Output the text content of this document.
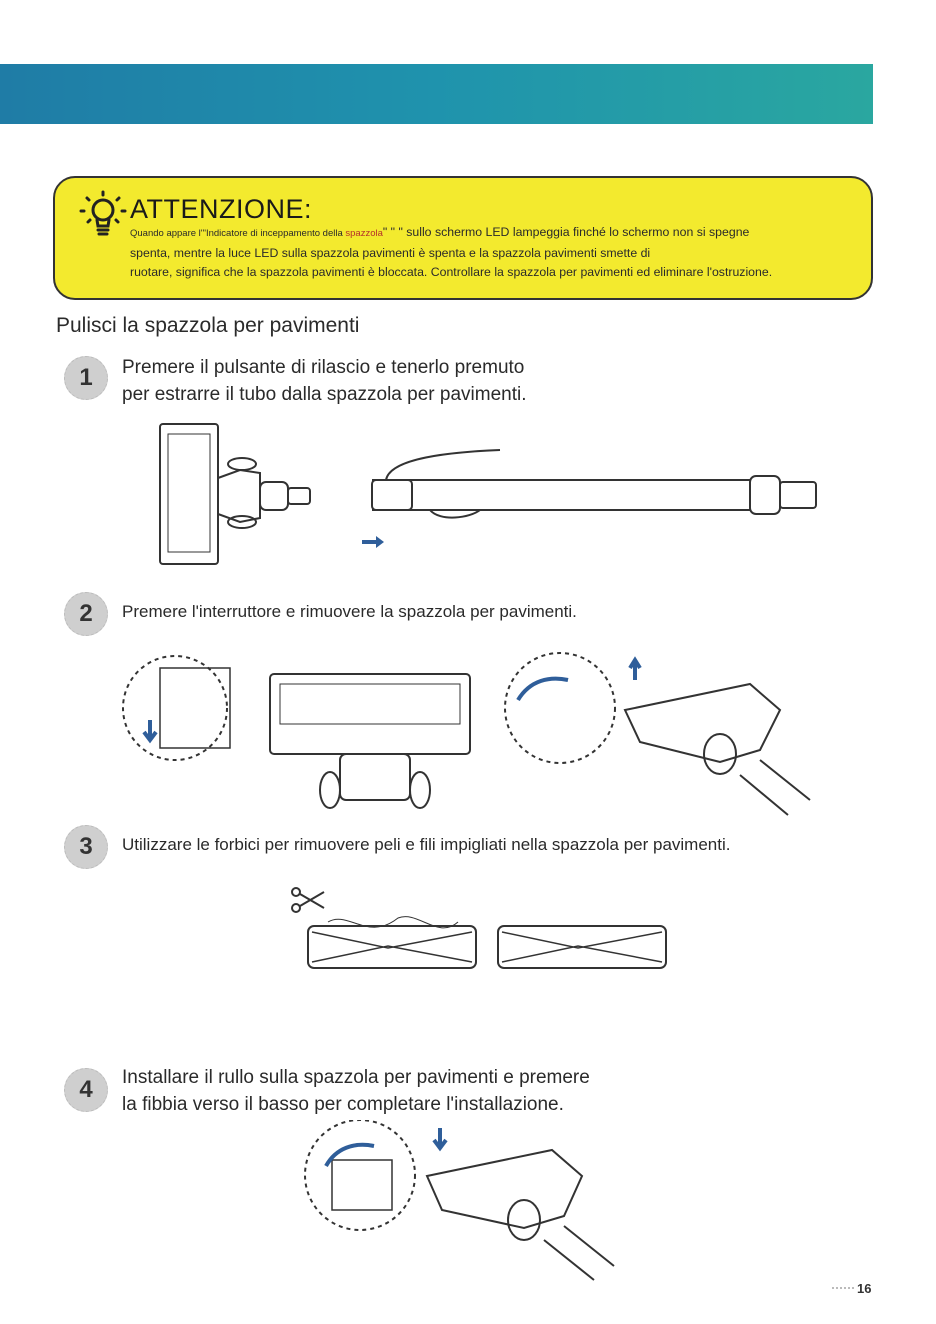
ATTENZIONE:
Quando appare l'"Indicatore di inceppamento della spazzola" " " sullo schermo LED lampeggia finché lo schermo non si spegne
spenta, mentre la luce LED sulla spazzola pavimenti è spenta e la spazzola pavimenti smette di
ruotare, significa che la spazzola pavimenti è bloccata. Controllare la spazzola per pavimenti ed eliminare l'ostruzione.
Pulisci la spazzola per pavimenti
1	Premere il pulsante di rilascio e tenerlo premuto
per estrarre il tubo dalla spazzola per pavimenti.
2	Premere l'interruttore e rimuovere la spazzola per pavimenti.
3	Utilizzare le forbici per rimuovere peli e fili impigliati nella spazzola per pavimenti.
4	Installare il rullo sulla spazzola per pavimenti e premere
la fibbia verso il basso per completare l'installazione.
16
